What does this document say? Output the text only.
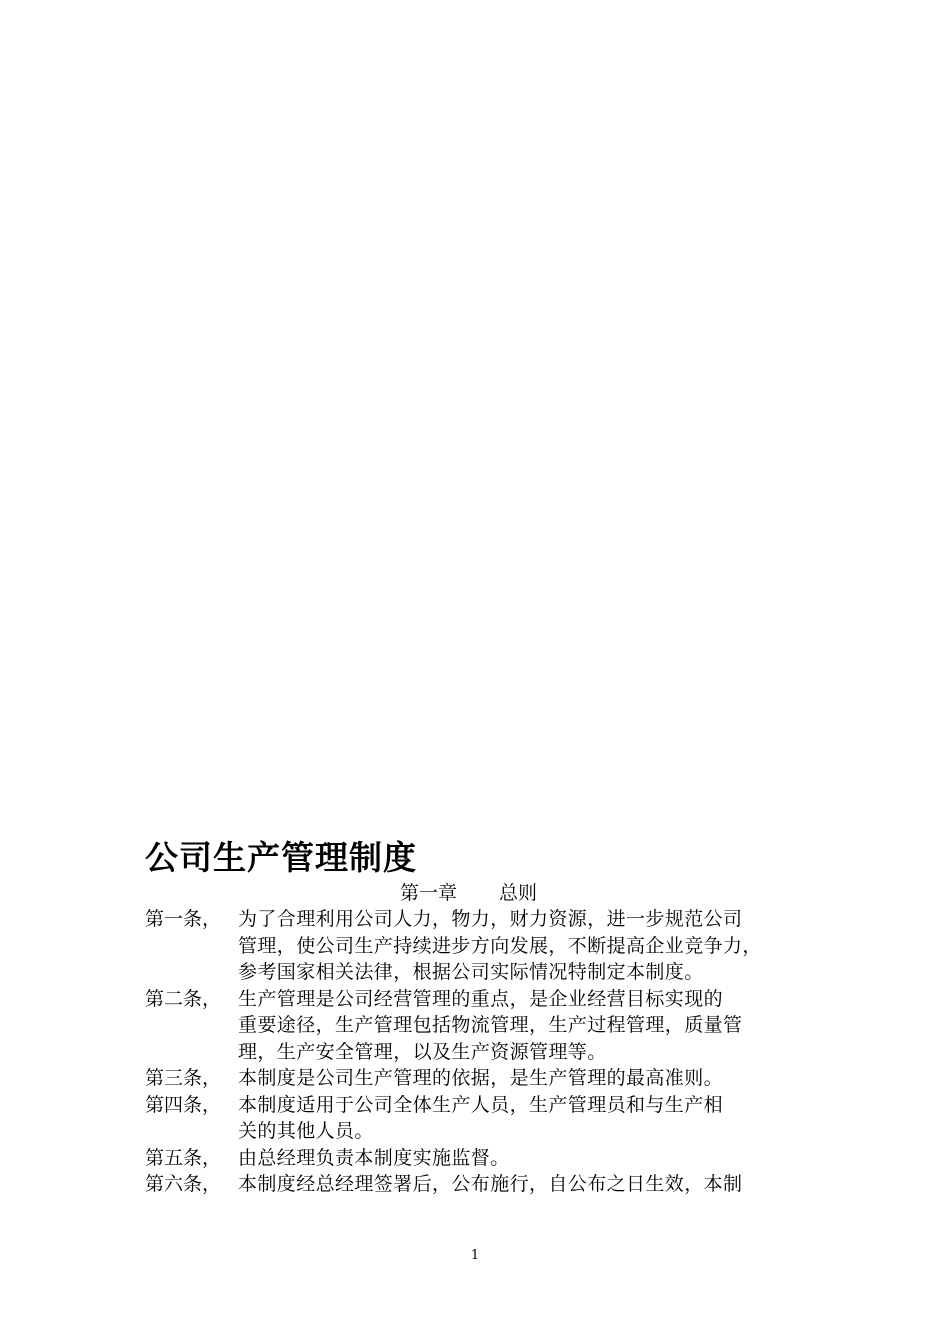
公司生产管理制度
第一章 总则
第一条， 为了合理利用公司人力，物力，财力资源，进一步规范公司
管理，使公司生产持续进步方向发展，不断提高企业竞争力，
参考国家相关法律，根据公司实际情况特制定本制度。
第二条， 生产管理是公司经营管理的重点，是企业经营目标实现的
重要途径，生产管理包括物流管理，生产过程管理，质量管
理，生产安全管理，以及生产资源管理等。
第三条， 本制度是公司生产管理的依据，是生产管理的最高准则。
第四条， 本制度适用于公司全体生产人员，生产管理员和与生产相
关的其他人员。
第五条， 由总经理负责本制度实施监督。
第六条， 本制度经总经理签署后，公布施行，自公布之日生效，本制
1
